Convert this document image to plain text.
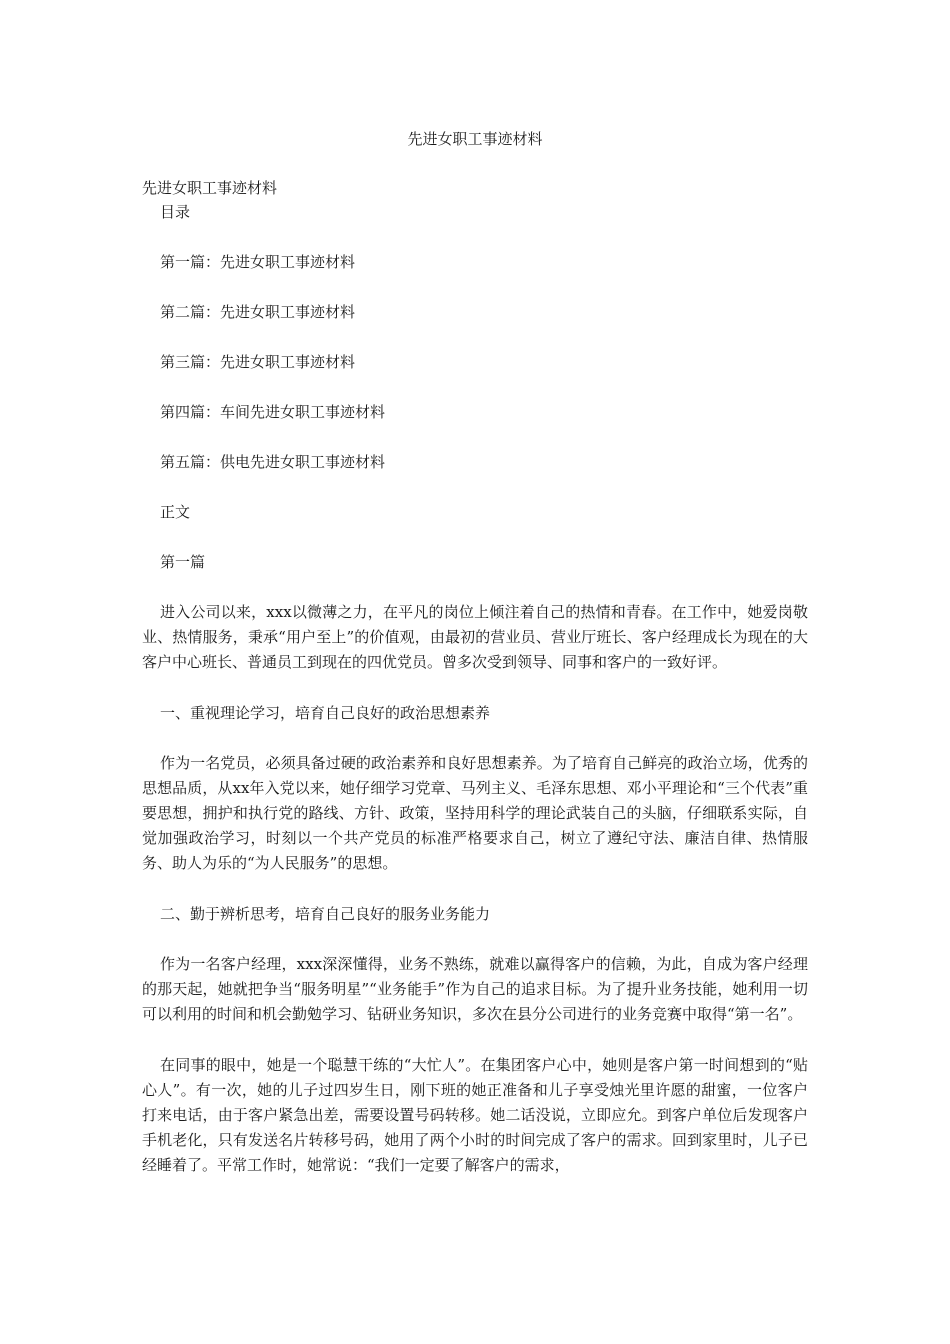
先进女职工事迹材料

先进女职工事迹材料

目录

第一篇：先进女职工事迹材料

第二篇：先进女职工事迹材料

第三篇：先进女职工事迹材料

第四篇：车间先进女职工事迹材料

第五篇：供电先进女职工事迹材料

正文

第一篇

进入公司以来，xxx以微薄之力，在平凡的岗位上倾注着自己的热情和青春。在工作中，她爱岗敬业、热情服务，秉承“用户至上”的价值观，由最初的营业员、营业厅班长、客户经理成长为现在的大客户中心班长、普通员工到现在的四优党员。曾多次受到领导、同事和客户的一致好评。

一、重视理论学习，培育自己良好的政治思想素养

作为一名党员，必须具备过硬的政治素养和良好思想素养。为了培育自己鲜亮的政治立场，优秀的思想品质，从xx年入党以来，她仔细学习党章、马列主义、毛泽东思想、邓小平理论和“三个代表”重要思想，拥护和执行党的路线、方针、政策，坚持用科学的理论武装自己的头脑，仔细联系实际，自觉加强政治学习，时刻以一个共产党员的标准严格要求自己，树立了遵纪守法、廉洁自律、热情服务、助人为乐的“为人民服务”的思想。

二、勤于辨析思考，培育自己良好的服务业务能力

作为一名客户经理，xxx深深懂得，业务不熟练，就难以赢得客户的信赖，为此，自成为客户经理的那天起，她就把争当“服务明星”“业务能手”作为自己的追求目标。为了提升业务技能，她利用一切可以利用的时间和机会勤勉学习、钻研业务知识，多次在县分公司进行的业务竞赛中取得“第一名”。

在同事的眼中，她是一个聪慧干练的“大忙人”。在集团客户心中，她则是客户第一时间想到的“贴心人”。有一次，她的儿子过四岁生日，刚下班的她正准备和儿子享受烛光里许愿的甜蜜，一位客户打来电话，由于客户紧急出差，需要设置号码转移。她二话没说，立即应允。到客户单位后发现客户手机老化，只有发送名片转移号码，她用了两个小时的时间完成了客户的需求。回到家里时，儿子已经睡着了。平常工作时，她常说：“我们一定要了解客户的需求，
